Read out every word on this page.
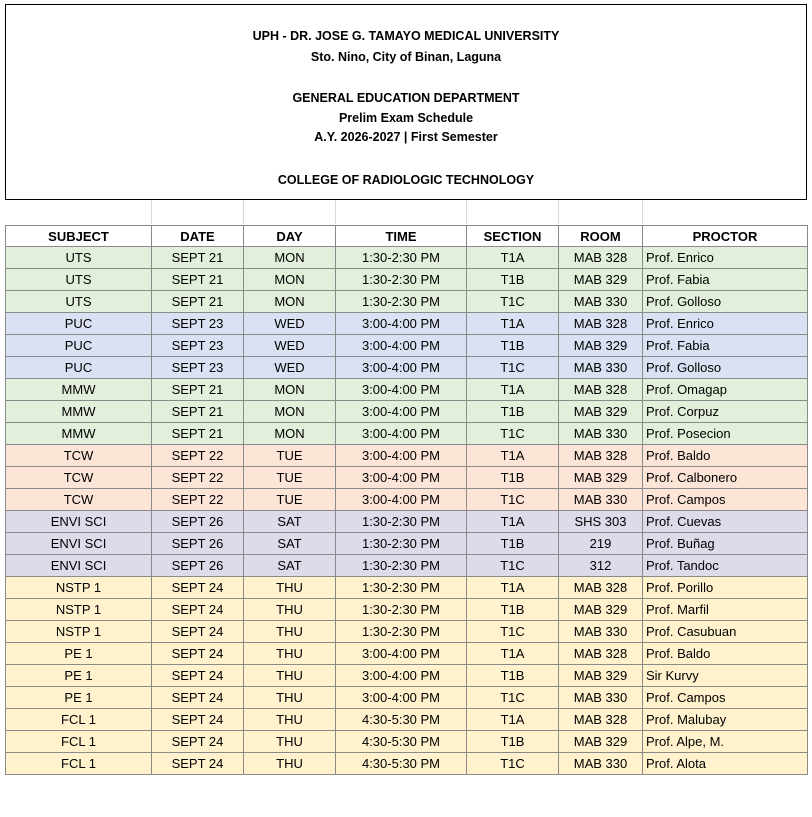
UPH - DR. JOSE G. TAMAYO MEDICAL UNIVERSITY
Sto. Nino, City of Binan, Laguna
GENERAL EDUCATION DEPARTMENT
Prelim Exam Schedule
A.Y. 2026-2027 | First Semester
COLLEGE OF RADIOLOGIC TECHNOLOGY
SUBJECT	DATE	DAY	TIME	SECTION	ROOM	PROCTOR
UTS	SEPT 21	MON	1:30-2:30 PM	T1A	MAB 328	Prof. Enrico
UTS	SEPT 21	MON	1:30-2:30 PM	T1B	MAB 329	Prof. Fabia
UTS	SEPT 21	MON	1:30-2:30 PM	T1C	MAB 330	Prof. Golloso
PUC	SEPT 23	WED	3:00-4:00 PM	T1A	MAB 328	Prof. Enrico
PUC	SEPT 23	WED	3:00-4:00 PM	T1B	MAB 329	Prof. Fabia
PUC	SEPT 23	WED	3:00-4:00 PM	T1C	MAB 330	Prof. Golloso
MMW	SEPT 21	MON	3:00-4:00 PM	T1A	MAB 328	Prof. Omagap
MMW	SEPT 21	MON	3:00-4:00 PM	T1B	MAB 329	Prof. Corpuz
MMW	SEPT 21	MON	3:00-4:00 PM	T1C	MAB 330	Prof. Posecion
TCW	SEPT 22	TUE	3:00-4:00 PM	T1A	MAB 328	Prof. Baldo
TCW	SEPT 22	TUE	3:00-4:00 PM	T1B	MAB 329	Prof. Calbonero
TCW	SEPT 22	TUE	3:00-4:00 PM	T1C	MAB 330	Prof. Campos
ENVI SCI	SEPT 26	SAT	1:30-2:30 PM	T1A	SHS 303	Prof. Cuevas
ENVI SCI	SEPT 26	SAT	1:30-2:30 PM	T1B	219	Prof. Buñag
ENVI SCI	SEPT 26	SAT	1:30-2:30 PM	T1C	312	Prof. Tandoc
NSTP 1	SEPT 24	THU	1:30-2:30 PM	T1A	MAB 328	Prof. Porillo
NSTP 1	SEPT 24	THU	1:30-2:30 PM	T1B	MAB 329	Prof. Marfil
NSTP 1	SEPT 24	THU	1:30-2:30 PM	T1C	MAB 330	Prof. Casubuan
PE 1	SEPT 24	THU	3:00-4:00 PM	T1A	MAB 328	Prof. Baldo
PE 1	SEPT 24	THU	3:00-4:00 PM	T1B	MAB 329	Sir Kurvy
PE 1	SEPT 24	THU	3:00-4:00 PM	T1C	MAB 330	Prof. Campos
FCL 1	SEPT 24	THU	4:30-5:30 PM	T1A	MAB 328	Prof. Malubay
FCL 1	SEPT 24	THU	4:30-5:30 PM	T1B	MAB 329	Prof. Alpe, M.
FCL 1	SEPT 24	THU	4:30-5:30 PM	T1C	MAB 330	Prof. Alota
